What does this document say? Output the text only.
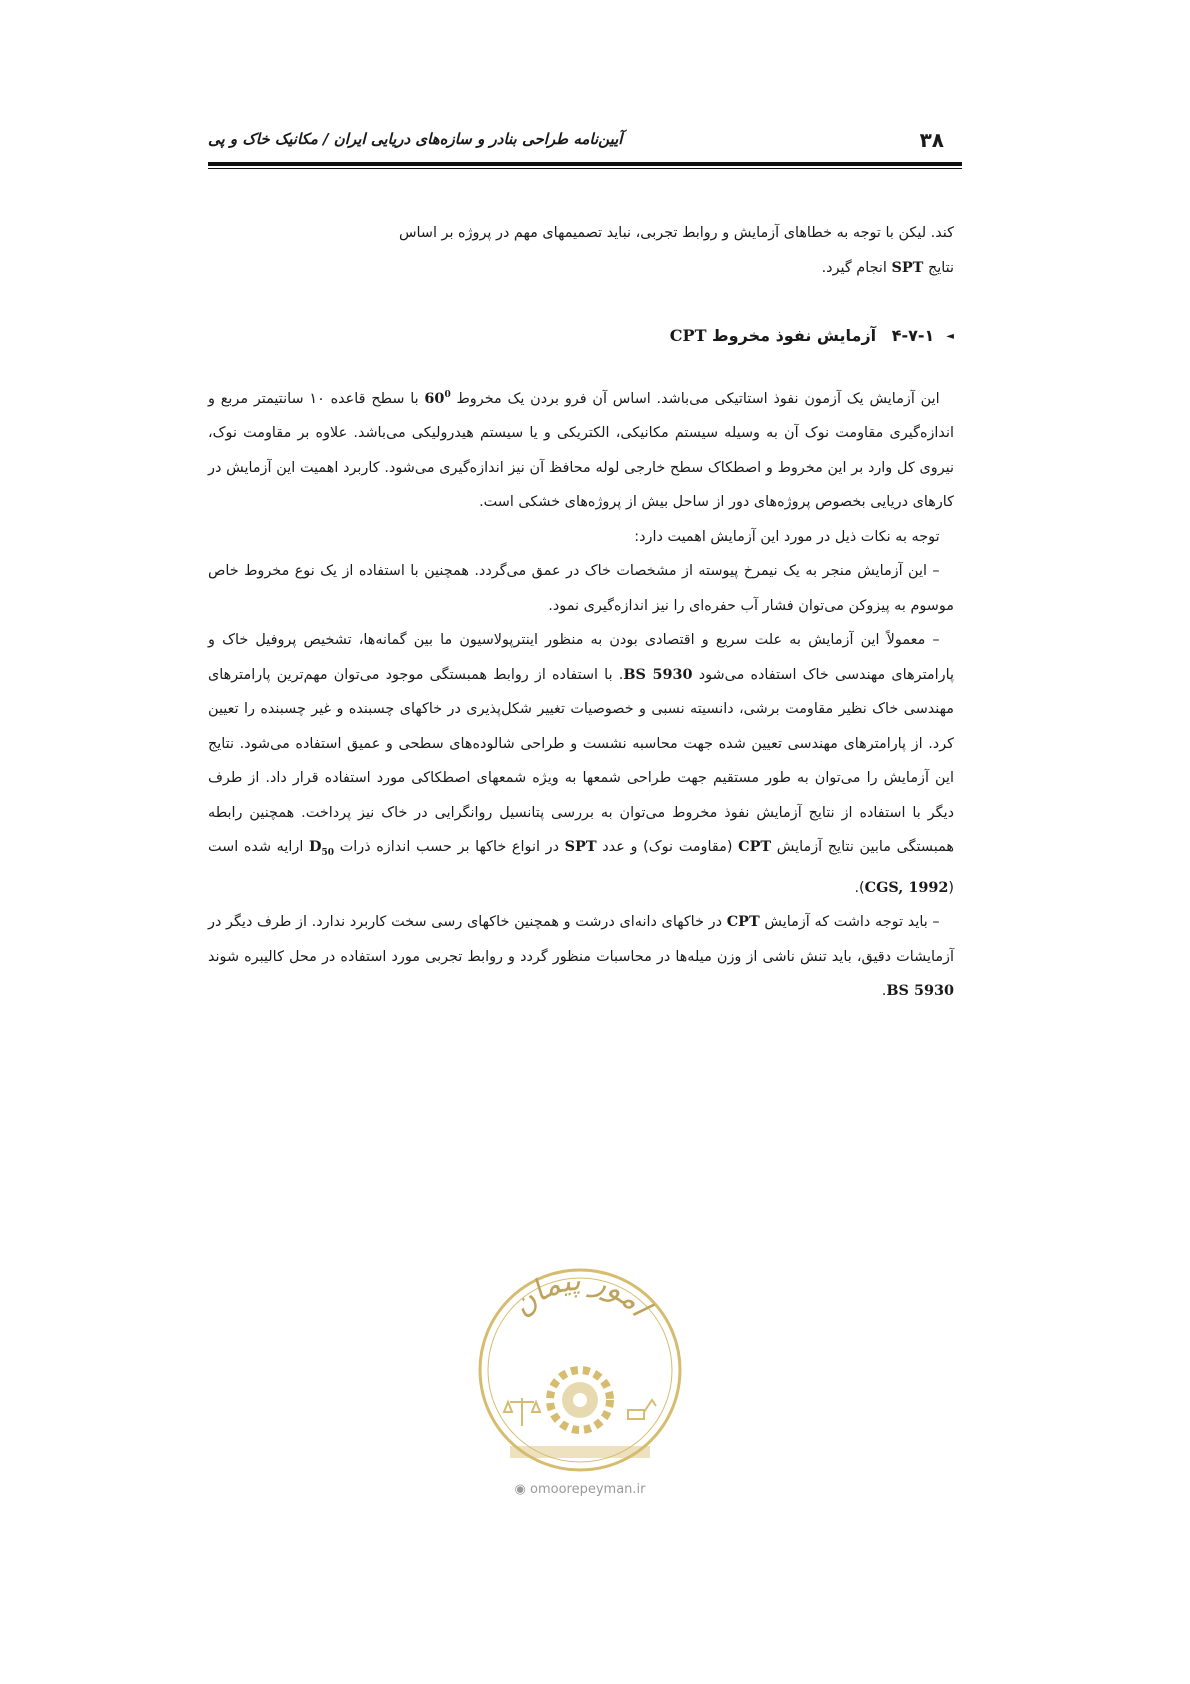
۳۸
آیین‌نامه طراحی بنادر و سازه‌های دریایی ایران / مکانیک خاک و پی

کند. لیکن با توجه به خطاهای آزمایش و روابط تجربی، نباید تصمیمهای مهم در پروژه بر اساس

نتایج SPT انجام گیرد.

◄۴-۷-۱ آزمایش نفوذ مخروط CPT

 این آزمایش یک آزمون نفوذ استاتیکی می‌باشد. اساس آن فرو بردن یک مخروط $60^0$ با سطح قاعده ۱۰ سانتیمتر مربع و اندازه‌گیری مقاومت نوک آن به وسیله سیستم مکانیکی، الکتریکی و یا سیستم هیدرولیکی می‌باشد. علاوه بر مقاومت نوک، نیروی کل وارد بر این مخروط و اصطکاک سطح خارجی لوله محافظ آن نیز اندازه‌گیری می‌شود. کاربرد اهمیت این آزمایش در کارهای دریایی بخصوص پروژه‌های دور از ساحل بیش از پروژه‌های خشکی است.

 توجه به نکات ذیل در مورد این آزمایش اهمیت دارد:

 – این آزمایش منجر به یک نیمرخ پیوسته از مشخصات خاک در عمق می‌گردد. همچنین با استفاده از یک نوع مخروط خاص موسوم به پیزوکن می‌توان فشار آب حفره‌ای را نیز اندازه‌گیری نمود.

 – معمولاً این آزمایش به علت سریع و اقتصادی بودن به منظور اینترپولاسیون ما بین گمانه‌ها، تشخیص پروفیل خاک و پارامترهای مهندسی خاک استفاده می‌شود BS 5930. با استفاده از روابط همبستگی موجود می‌توان مهم‌ترین پارامترهای مهندسی خاک نظیر مقاومت برشی، دانسیته نسبی و خصوصیات تغییر شکل‌پذیری در خاکهای چسبنده و غیر چسبنده را تعیین کرد. از پارامترهای مهندسی تعیین شده جهت محاسبه نشست و طراحی شالوده‌های سطحی و عمیق استفاده می‌شود. نتایج این آزمایش را می‌توان به طور مستقیم جهت طراحی شمعها به ویژه شمعهای اصطکاکی مورد استفاده قرار داد. از طرف دیگر با استفاده از نتایج آزمایش نفوذ مخروط می‌توان به بررسی پتانسیل روانگرایی در خاک نیز پرداخت. همچنین رابطه همبستگی مابین نتایج آزمایش CPT (مقاومت نوک) و عدد SPT در انواع خاکها بر حسب اندازه ذرات $D_{50}$ ارایه شده است (CGS, 1992).

 – باید توجه داشت که آزمایش CPT در خاکهای دانه‌ای درشت و همچنین خاکهای رسی سخت کاربرد ندارد. از طرف دیگر در آزمایشات دقیق، باید تنش ناشی از وزن میله‌ها در محاسبات منظور گردد و روابط تجربی مورد استفاده در محل کالیبره شوند BS 5930.

امور پیمان
◉ omoorepeyman.ir
